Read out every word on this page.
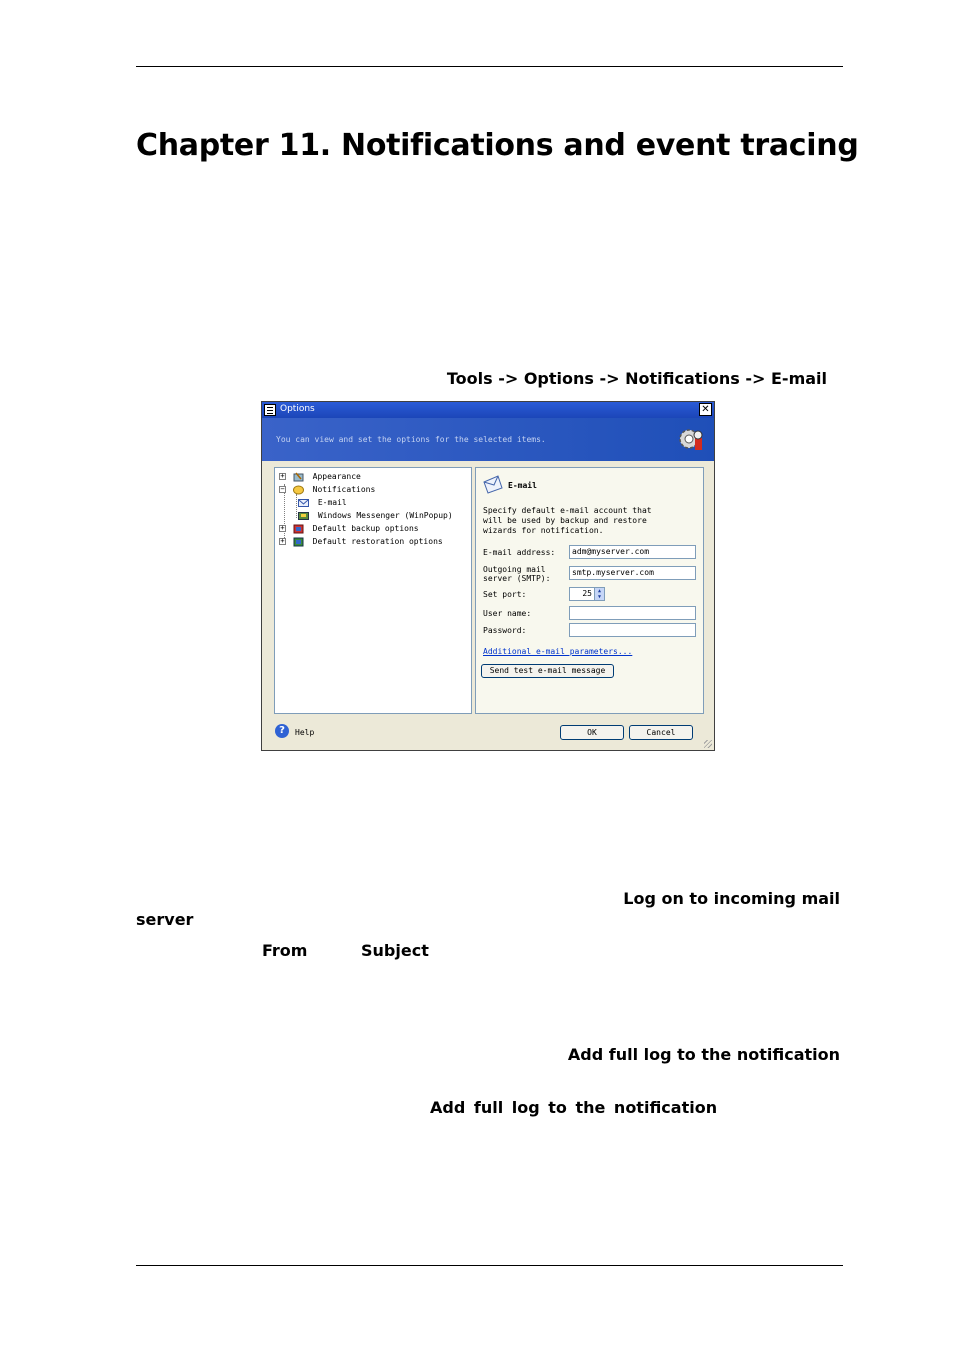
Chapter 11. Notifications and event tracing
Tools -> Options -> Notifications -> E-mail
Options	✕
You can view and set the options for the selected items.
+	Appearance
−	Notifications
E-mail
Windows Messenger (WinPopup)
+	Default backup options
+	Default restoration options
E-mail
Specify default e-mail account that
will be used by backup and restore
wizards for notification.
E-mail address:	adm@myserver.com
Outgoing mail
server (SMTP):
smtp.myserver.com
Set port:	25	▲
▼
User name:
Password:
Additional e-mail parameters...
Send test e-mail message
?	Help	OK	Cancel
Log on to incoming mail
server
From	Subject
Add full log to the notification
Add full log to the notification
